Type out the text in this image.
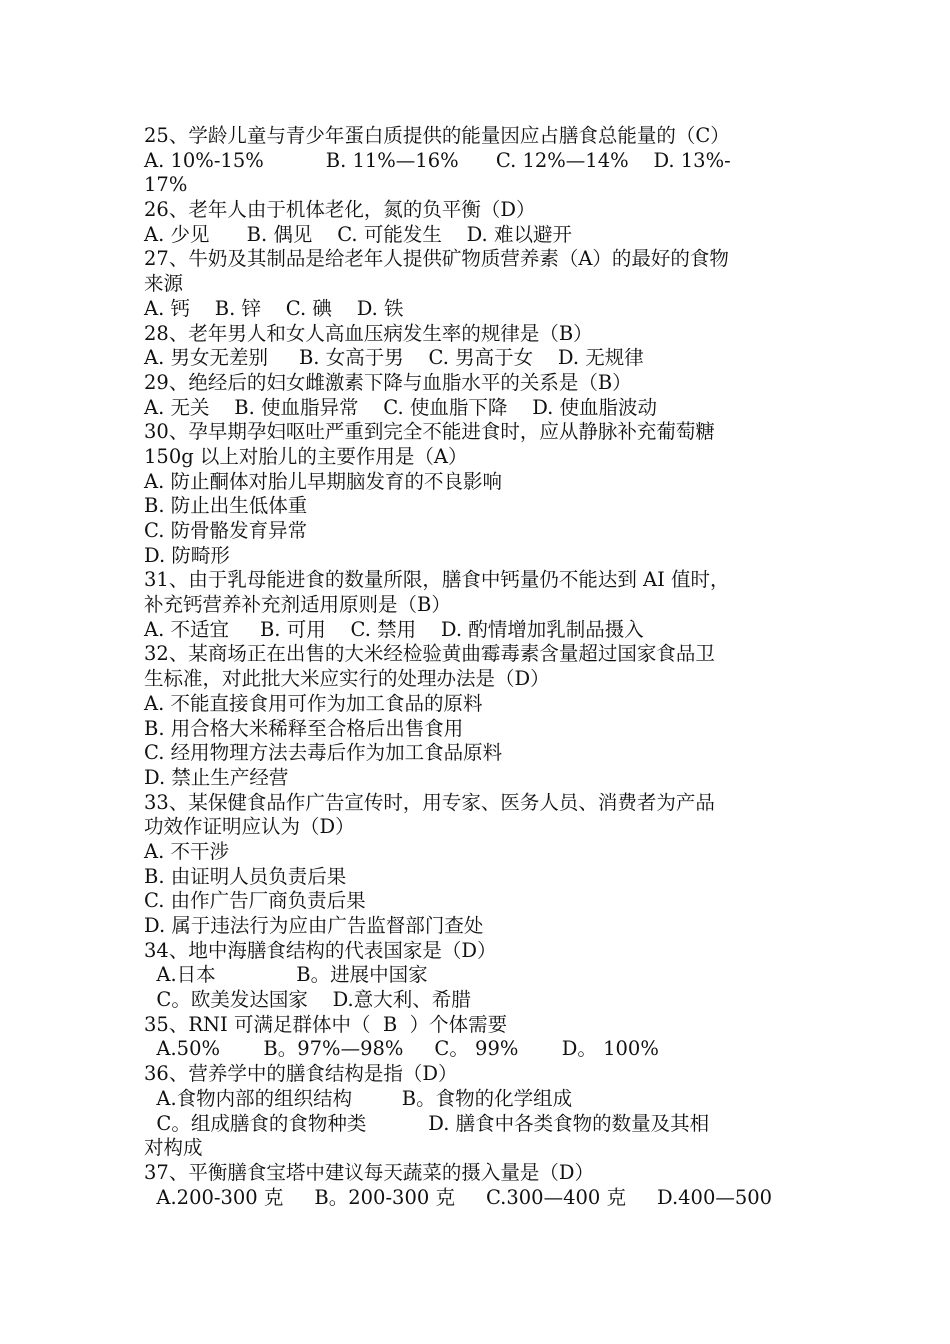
25、学龄儿童与青少年蛋白质提供的能量因应占膳食总能量的（C）
A. 10%-15%          B. 11%—16%      C. 12%—14%    D. 13%-
17%
26、老年人由于机体老化，氮的负平衡（D）
A. 少见      B. 偶见    C. 可能发生    D. 难以避开
27、牛奶及其制品是给老年人提供矿物质营养素（A）的最好的食物
来源
A. 钙    B. 锌    C. 碘    D. 铁
28、老年男人和女人高血压病发生率的规律是（B）
A. 男女无差别     B. 女高于男    C. 男高于女    D. 无规律
29、绝经后的妇女雌激素下降与血脂水平的关系是（B）
A. 无关    B. 使血脂异常    C. 使血脂下降    D. 使血脂波动
30、孕早期孕妇呕吐严重到完全不能进食时，应从静脉补充葡萄糖
150g 以上对胎儿的主要作用是（A）
A. 防止酮体对胎儿早期脑发育的不良影响
B. 防止出生低体重
C. 防骨骼发育异常
D. 防畸形
31、由于乳母能进食的数量所限，膳食中钙量仍不能达到 AI 值时，
补充钙营养补充剂适用原则是（B）
A. 不适宜     B. 可用    C. 禁用    D. 酌情增加乳制品摄入
32、某商场正在出售的大米经检验黄曲霉毒素含量超过国家食品卫
生标准，对此批大米应实行的处理办法是（D）
A. 不能直接食用可作为加工食品的原料
B. 用合格大米稀释至合格后出售食用
C. 经用物理方法去毒后作为加工食品原料
D. 禁止生产经营
33、某保健食品作广告宣传时，用专家、医务人员、消费者为产品
功效作证明应认为（D）
A. 不干涉
B. 由证明人员负责后果
C. 由作广告厂商负责后果
D. 属于违法行为应由广告监督部门查处
34、地中海膳食结构的代表国家是（D）
A.日本             B。进展中国家
C。欧美发达国家    D.意大利、希腊
35、RNI 可满足群体中（  B  ）个体需要
A.50%       B。97%—98%     C。 99%       D。 100%
36、营养学中的膳食结构是指（D）
A.食物内部的组织结构        B。食物的化学组成
C。组成膳食的食物种类          D. 膳食中各类食物的数量及其相
对构成
37、平衡膳食宝塔中建议每天蔬菜的摄入量是（D）
A.200-300 克     B。200-300 克     C.300—400 克     D.400—500
